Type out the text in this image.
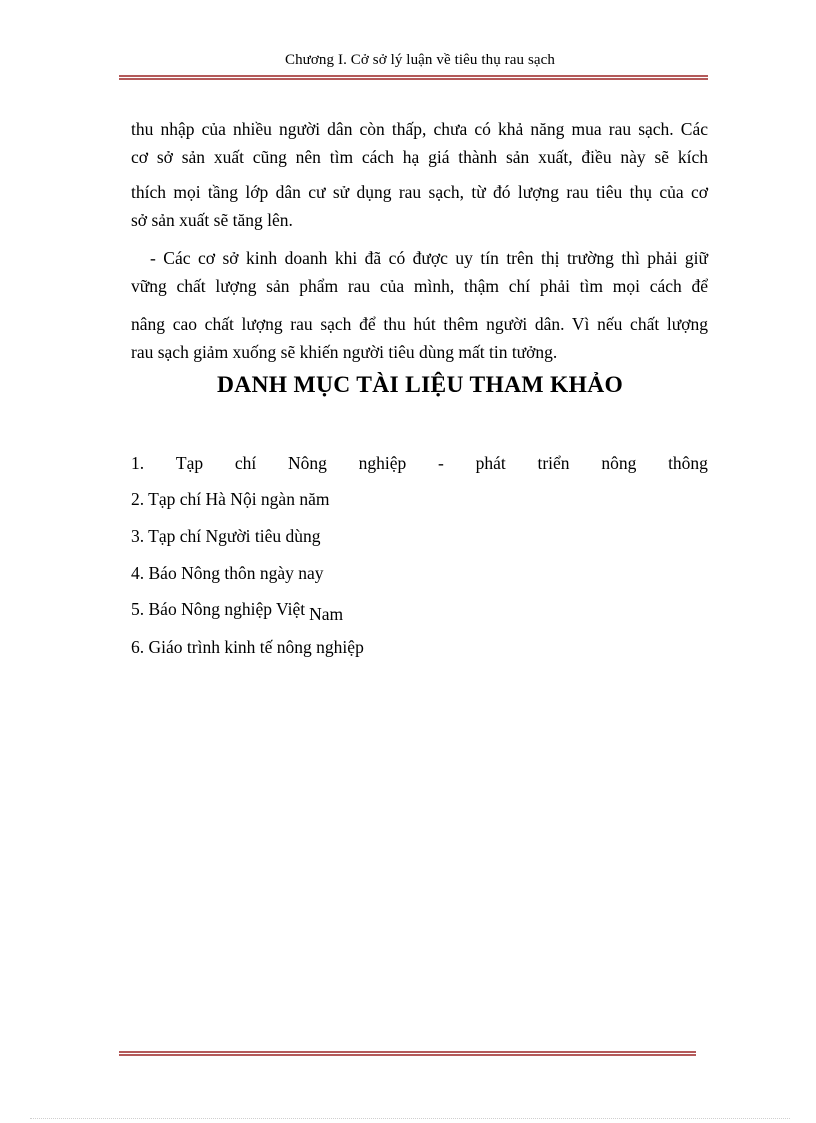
Chương I. Cở sở lý luận về tiêu thụ rau sạch
thu nhập của nhiều người dân còn thấp, chưa có khả năng mua rau sạch. Các
cơ sở sản xuất cũng nên tìm cách hạ giá thành sản xuất, điều này sẽ kích
thích mọi tầng lớp dân cư sử dụng rau sạch, từ đó lượng rau tiêu thụ của cơ
sở sản xuất sẽ tăng lên.
- Các cơ sở kinh doanh khi đã có được uy tín trên thị trường thì phải giữ
vững chất lượng sản phẩm rau của mình, thậm chí phải tìm mọi cách để
nâng cao chất lượng rau sạch để thu hút thêm người dân. Vì nếu chất lượng
rau sạch giảm xuống sẽ khiến người tiêu dùng mất tin tưởng.
DANH MỤC TÀI LIỆU THAM KHẢO
1. Tạp chí Nông nghiệp - phát triển nông thông
2. Tạp chí Hà Nội ngàn năm
3. Tạp chí Người tiêu dùng
4. Báo Nông thôn ngày nay
5. Báo Nông nghiệp Việt Nam
6. Giáo trình kinh tế nông nghiệp
